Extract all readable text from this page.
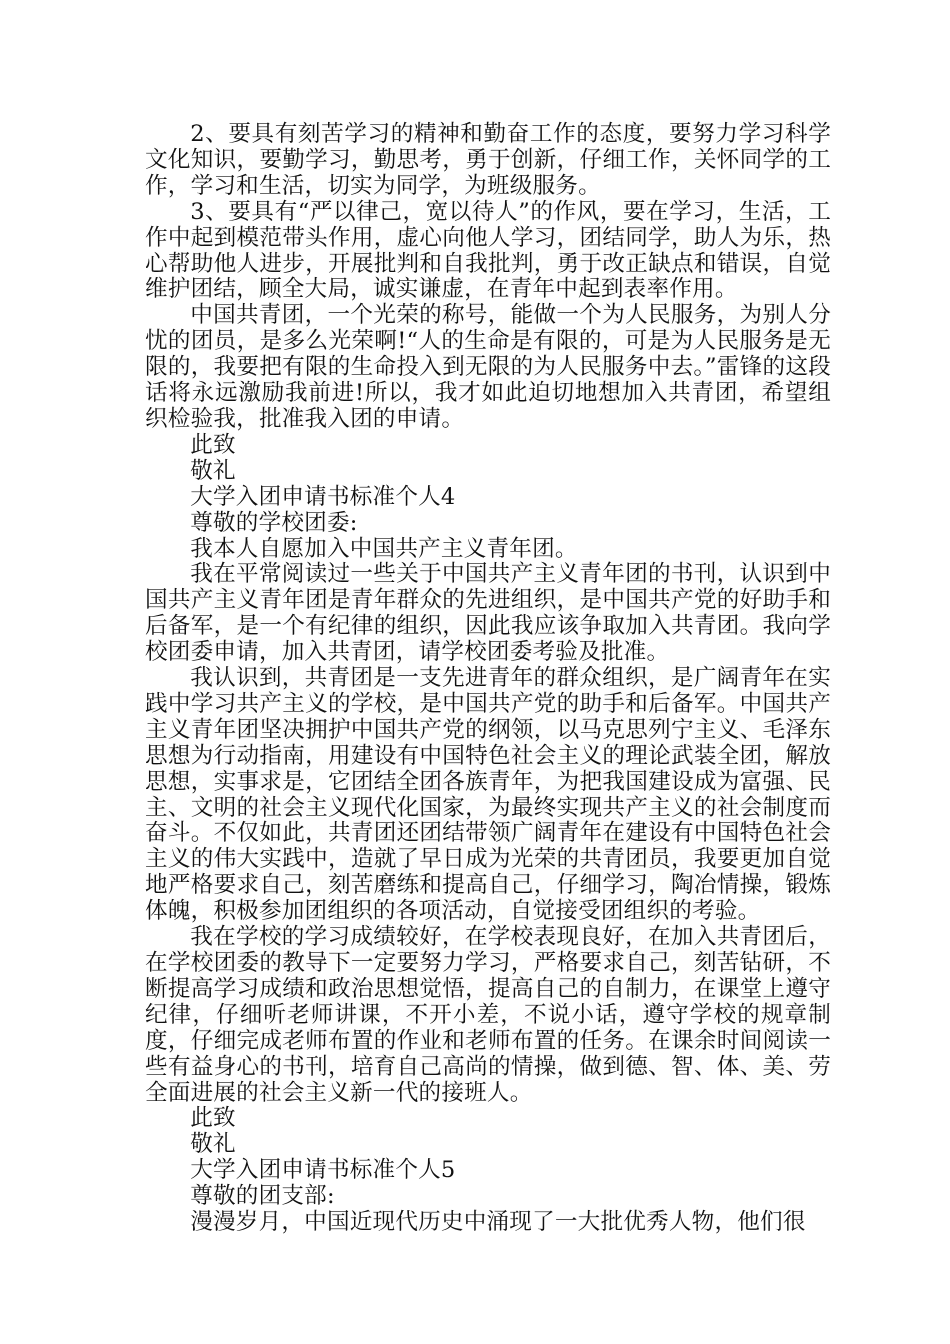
2、要具有刻苦学习的精神和勤奋工作的态度，要努力学习科学文化知识，要勤学习，勤思考，勇于创新，仔细工作，关怀同学的工作，学习和生活，切实为同学，为班级服务。

3、要具有“严以律己，宽以待人”的作风，要在学习，生活，工作中起到模范带头作用，虚心向他人学习，团结同学，助人为乐，热心帮助他人进步，开展批判和自我批判，勇于改正缺点和错误，自觉维护团结，顾全大局，诚实谦虚，在青年中起到表率作用。

中国共青团，一个光荣的称号，能做一个为人民服务，为别人分忧的团员，是多么光荣啊!“人的生命是有限的，可是为人民服务是无限的，我要把有限的生命投入到无限的为人民服务中去。”雷锋的这段话将永远激励我前进!所以，我才如此迫切地想加入共青团，希望组织检验我，批准我入团的申请。

此致

敬礼

大学入团申请书标准个人4

尊敬的学校团委:

我本人自愿加入中国共产主义青年团。

我在平常阅读过一些关于中国共产主义青年团的书刊，认识到中国共产主义青年团是青年群众的先进组织，是中国共产党的好助手和后备军，是一个有纪律的组织，因此我应该争取加入共青团。我向学校团委申请，加入共青团，请学校团委考验及批准。

我认识到，共青团是一支先进青年的群众组织，是广阔青年在实践中学习共产主义的学校，是中国共产党的助手和后备军。中国共产主义青年团坚决拥护中国共产党的纲领，以马克思列宁主义、毛泽东思想为行动指南，用建设有中国特色社会主义的理论武装全团，解放思想，实事求是，它团结全团各族青年，为把我国建设成为富强、民主、文明的社会主义现代化国家，为最终实现共产主义的社会制度而奋斗。不仅如此，共青团还团结带领广阔青年在建设有中国特色社会主义的伟大实践中，造就了早日成为光荣的共青团员，我要更加自觉地严格要求自己，刻苦磨练和提高自己，仔细学习，陶冶情操，锻炼体魄，积极参加团组织的各项活动，自觉接受团组织的考验。

我在学校的学习成绩较好，在学校表现良好，在加入共青团后，在学校团委的教导下一定要努力学习，严格要求自己，刻苦钻研，不断提高学习成绩和政治思想觉悟，提高自己的自制力，在课堂上遵守纪律，仔细听老师讲课，不开小差，不说小话，遵守学校的规章制度，仔细完成老师布置的作业和老师布置的任务。在课余时间阅读一些有益身心的书刊，培育自己高尚的情操，做到德、智、体、美、劳全面进展的社会主义新一代的接班人。

此致

敬礼

大学入团申请书标准个人5

尊敬的团支部:

漫漫岁月，中国近现代历史中涌现了一大批优秀人物，他们很
